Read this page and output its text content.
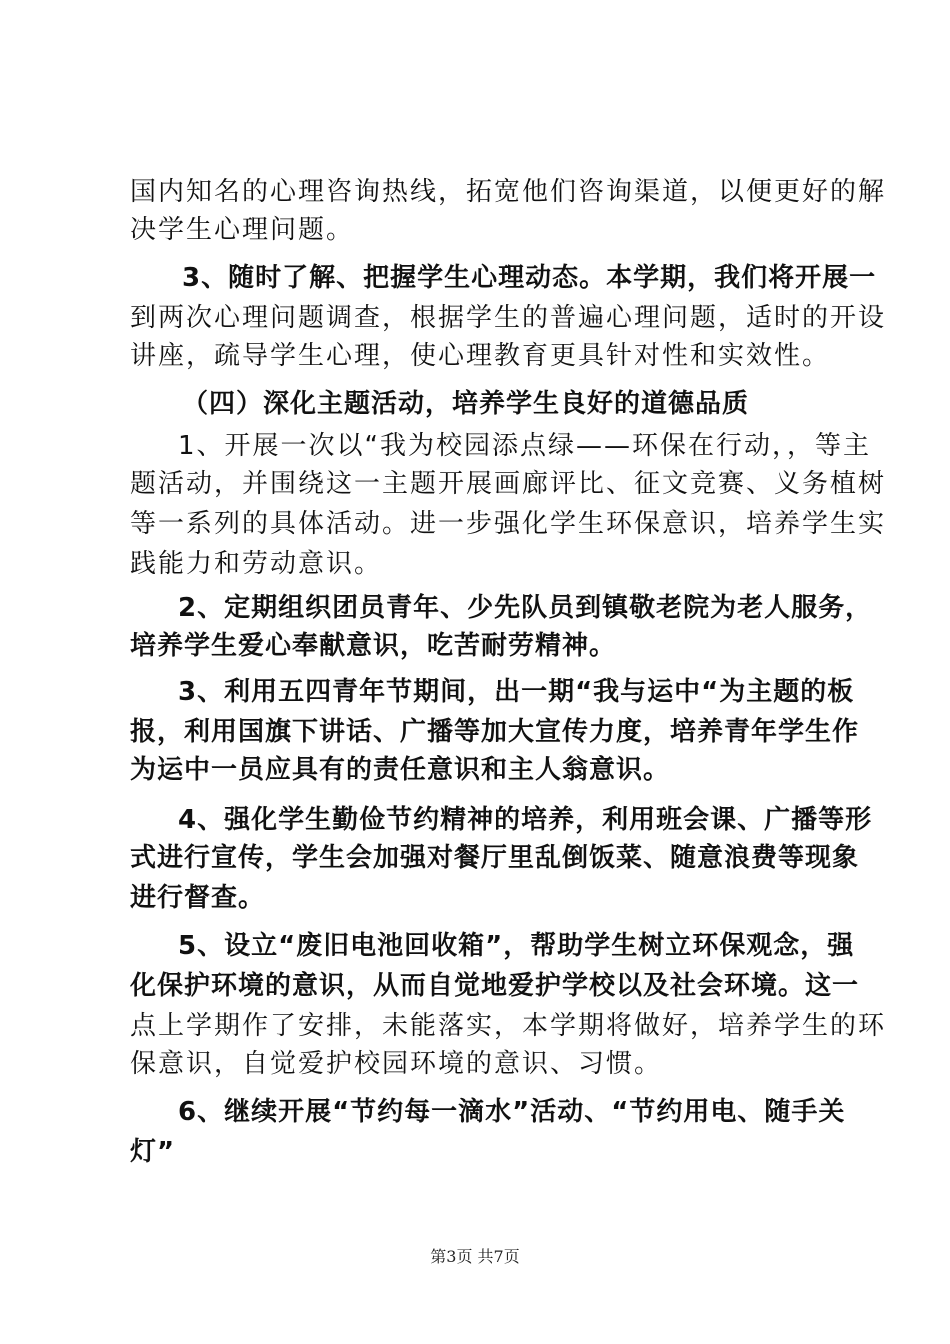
国内知名的心理咨询热线，拓宽他们咨询渠道，以便更好的解
决学生心理问题。
3、随时了解、把握学生心理动态。本学期，我们将开展一
到两次心理问题调查，根据学生的普遍心理问题，适时的开设
讲座，疏导学生心理，使心理教育更具针对性和实效性。
（四）深化主题活动，培养学生良好的道德品质
1、开展一次以“我为校园添点绿——环保在行动，，等主
题活动，并围绕这一主题开展画廊评比、征文竞赛、义务植树
等一系列的具体活动。进一步强化学生环保意识，培养学生实
践能力和劳动意识。
2、定期组织团员青年、少先队员到镇敬老院为老人服务，
培养学生爱心奉献意识，吃苦耐劳精神。
3、利用五四青年节期间，出一期“我与运中“为主题的板
报，利用国旗下讲话、广播等加大宣传力度，培养青年学生作
为运中一员应具有的责任意识和主人翁意识。
4、强化学生勤俭节约精神的培养，利用班会课、广播等形
式进行宣传，学生会加强对餐厅里乱倒饭菜、随意浪费等现象
进行督查。
5、设立“废旧电池回收箱”，帮助学生树立环保观念，强
化保护环境的意识，从而自觉地爱护学校以及社会环境。这一
点上学期作了安排，未能落实，本学期将做好，培养学生的环
保意识，自觉爱护校园环境的意识、习惯。
6、继续开展“节约每一滴水”活动、“节约用电、随手关
灯”
第3页 共7页
